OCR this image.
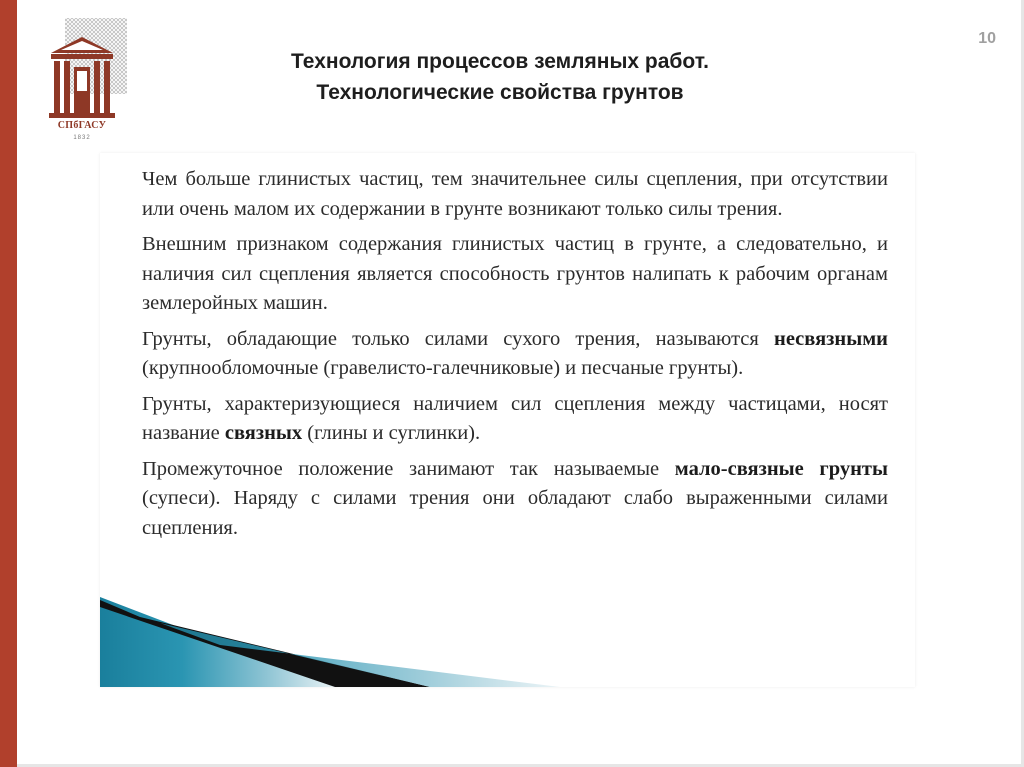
СПбГАСУ
1832
10
Технология процессов земляных работ.
Технологические свойства грунтов

Чем больше глинистых частиц, тем значительнее силы сцепления, при отсутствии или очень малом их содержании в грунте возникают только силы трения.

Внешним признаком содержания глинистых частиц в грунте, а следовательно, и наличия сил сцепления является способность грунтов налипать к рабочим органам землеройных машин.

Грунты, обладающие только силами сухого трения, называются несвязными (крупнообломочные (гравелисто-галечниковые) и песчаные грунты).

Грунты, характеризующиеся наличием сил сцепления между частицами, носят название связных (глины и суглинки).

Промежуточное положение занимают так называемые мало-связные грунты (супеси). Наряду с силами трения они обладают слабо выраженными силами сцепления.
